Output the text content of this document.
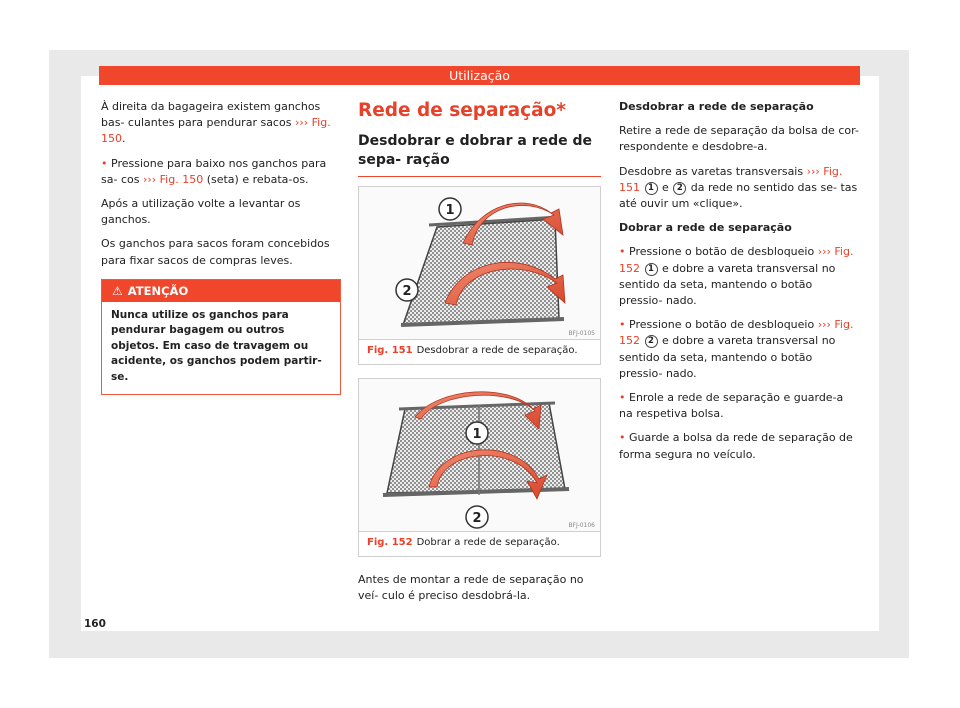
Utilização

À direita da bagageira existem ganchos bas- culantes para pendurar sacos ››› Fig. 150.

• Pressione para baixo nos ganchos para sa- cos ››› Fig. 150 (seta) e rebata-os.

Após a utilização volte a levantar os ganchos.

Os ganchos para sacos foram concebidos para fixar sacos de compras leves.

⚠ ATENÇÃO
Nunca utilize os ganchos para pendurar bagagem ou outros objetos. Em caso de travagem ou acidente, os ganchos podem partir-se.
Rede de separação*
Desdobrar e dobrar a rede de sepa- ração
1
2
BFJ-0105
Fig. 151 Desdobrar a rede de separação.
1
2	BFJ-0106
Fig. 152 Dobrar a rede de separação.

Antes de montar a rede de separação no veí- culo é preciso desdobrá-la.

Desdobrar a rede de separação

Retire a rede de separação da bolsa de cor- respondente e desdobre-a.

Desdobre as varetas transversais ››› Fig. 151 1 e 2 da rede no sentido das se- tas até ouvir um «clique».

Dobrar a rede de separação

• Pressione o botão de desbloqueio ››› Fig. 152 1 e dobre a vareta transversal no sentido da seta, mantendo o botão pressio- nado.

• Pressione o botão de desbloqueio ››› Fig. 152 2 e dobre a vareta transversal no sentido da seta, mantendo o botão pressio- nado.

• Enrole a rede de separação e guarde-a na respetiva bolsa.

• Guarde a bolsa da rede de separação de forma segura no veículo.

160
